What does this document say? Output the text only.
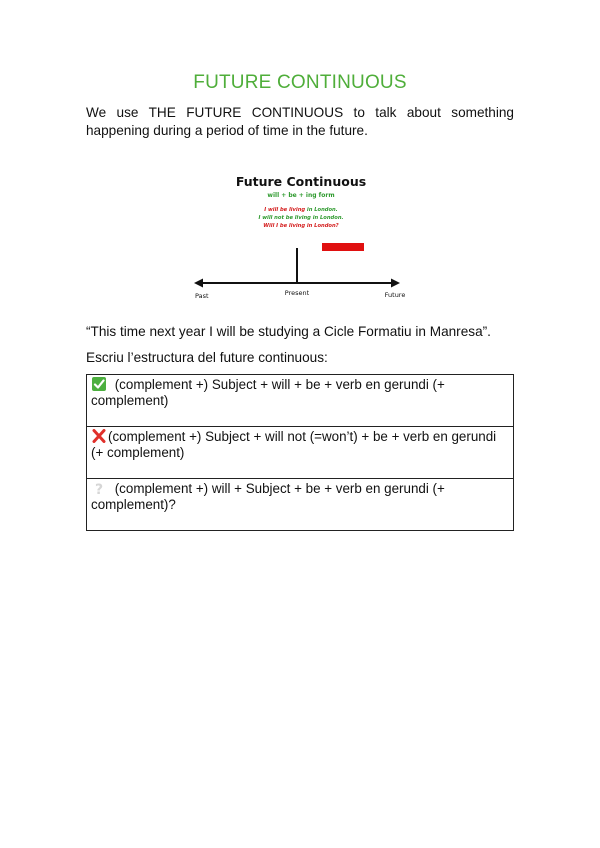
FUTURE CONTINUOUS
We use THE FUTURE CONTINUOUS to talk about something happening during a period of time in the future.
Future Continuous
will + be + ing form
I will be living in London.
I will not be living in London.
Will I be living in London?
Past	Present	Future
“This time next year I will be studying a Cicle Formatiu in Manresa”.
Escriu l’estructura del future continuous:
(complement +) Subject + will + be + verb en gerundi (+ complement)
(complement +) Subject + will not (=won’t) + be + verb en gerundi (+ complement)

? (complement +) will + Subject + be + verb en gerundi (+ complement)?
